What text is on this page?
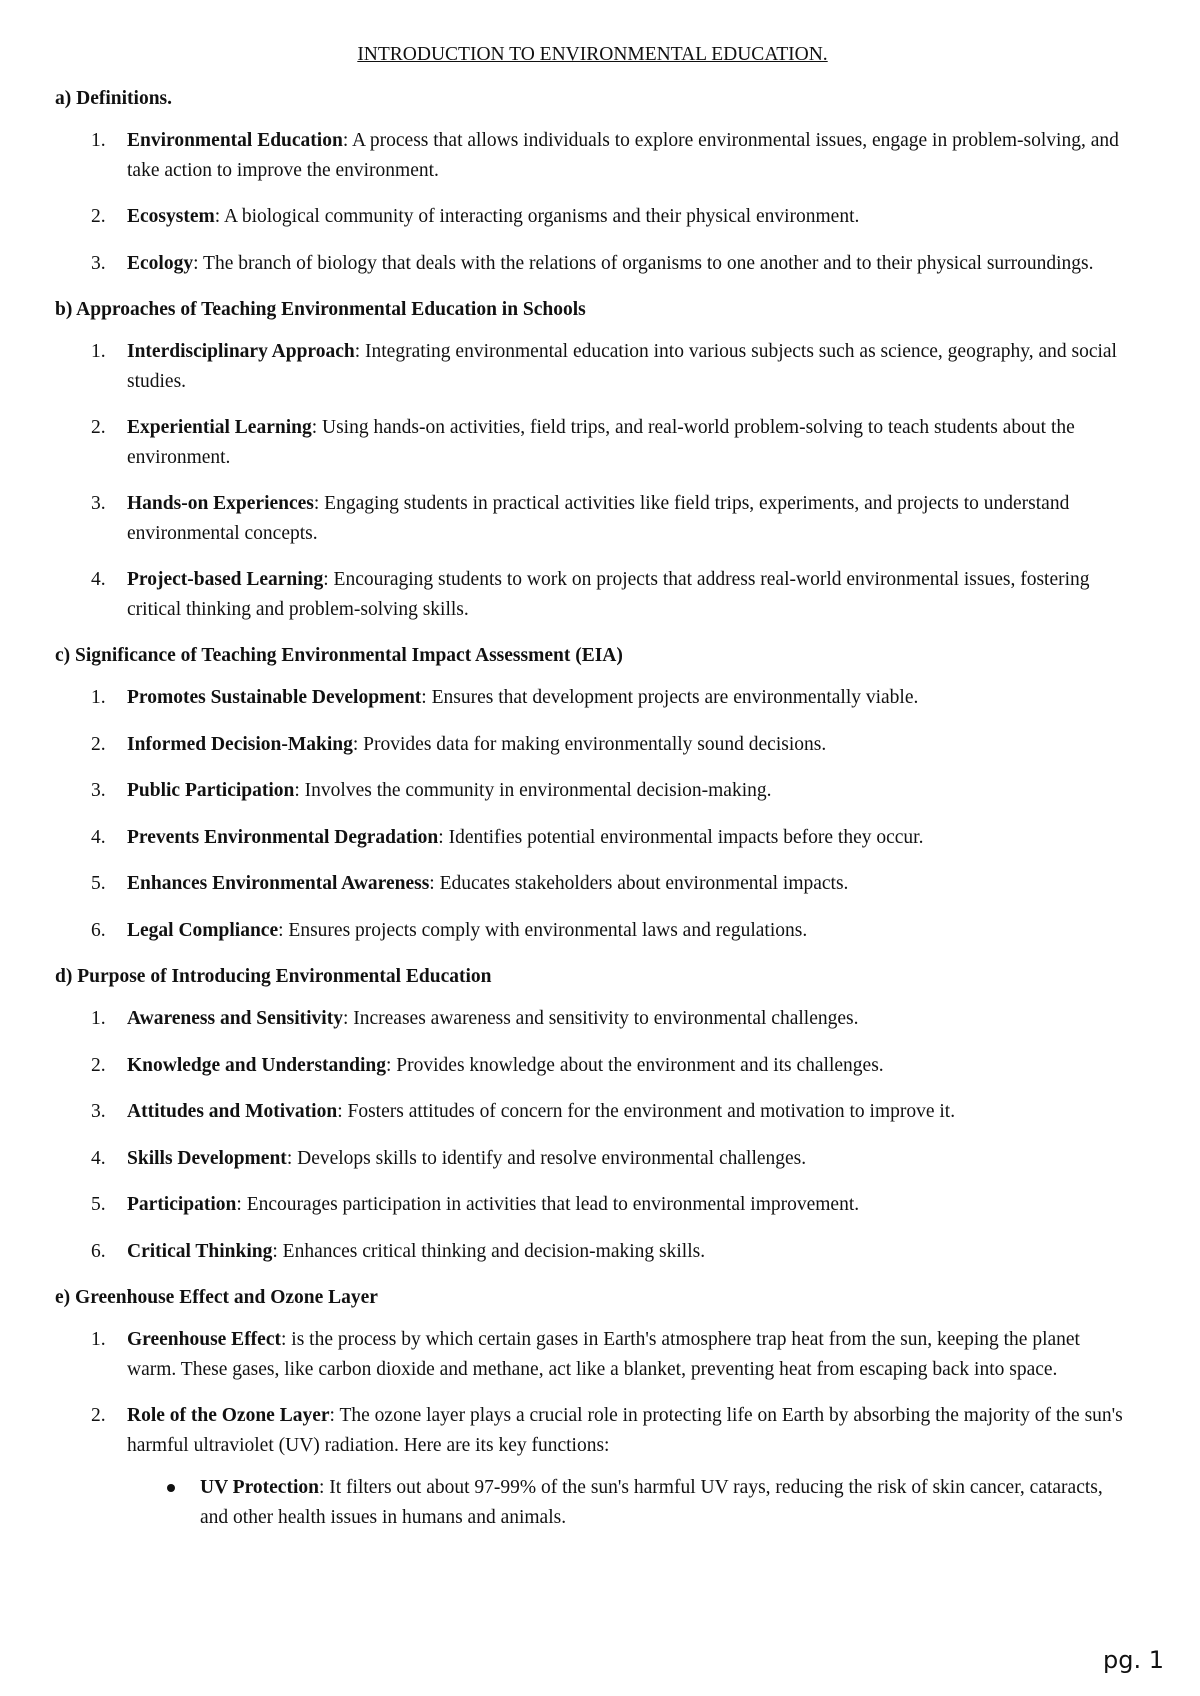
INTRODUCTION TO ENVIRONMENTAL EDUCATION.
a) Definitions.
1.	Environmental Education: A process that allows individuals to explore environmental issues, engage in problem-solving, and take action to improve the environment.
2.	Ecosystem: A biological community of interacting organisms and their physical environment.
3.	Ecology: The branch of biology that deals with the relations of organisms to one another and to their physical surroundings.
b) Approaches of Teaching Environmental Education in Schools
1.	Interdisciplinary Approach: Integrating environmental education into various subjects such as science, geography, and social studies.
2.	Experiential Learning: Using hands-on activities, field trips, and real-world problem-solving to teach students about the environment.
3.	Hands-on Experiences: Engaging students in practical activities like field trips, experiments, and projects to understand environmental concepts.
4.	Project-based Learning: Encouraging students to work on projects that address real-world environmental issues, fostering critical thinking and problem-solving skills.
c) Significance of Teaching Environmental Impact Assessment (EIA)
1.	Promotes Sustainable Development: Ensures that development projects are environmentally viable.
2.	Informed Decision-Making: Provides data for making environmentally sound decisions.
3.	Public Participation: Involves the community in environmental decision-making.
4.	Prevents Environmental Degradation: Identifies potential environmental impacts before they occur.
5.	Enhances Environmental Awareness: Educates stakeholders about environmental impacts.
6.	Legal Compliance: Ensures projects comply with environmental laws and regulations.
d) Purpose of Introducing Environmental Education
1.	Awareness and Sensitivity: Increases awareness and sensitivity to environmental challenges.
2.	Knowledge and Understanding: Provides knowledge about the environment and its challenges.
3.	Attitudes and Motivation: Fosters attitudes of concern for the environment and motivation to improve it.
4.	Skills Development: Develops skills to identify and resolve environmental challenges.
5.	Participation: Encourages participation in activities that lead to environmental improvement.
6.	Critical Thinking: Enhances critical thinking and decision-making skills.
e) Greenhouse Effect and Ozone Layer
1.	Greenhouse Effect: is the process by which certain gases in Earth's atmosphere trap heat from the sun, keeping the planet warm. These gases, like carbon dioxide and methane, act like a blanket, preventing heat from escaping back into space.
2.	Role of the Ozone Layer: The ozone layer plays a crucial role in protecting life on Earth by absorbing the majority of the sun's harmful ultraviolet (UV) radiation. Here are its key functions:
UV Protection: It filters out about 97-99% of the sun's harmful UV rays, reducing the risk of skin cancer, cataracts, and other health issues in humans and animals.
pg. 1
